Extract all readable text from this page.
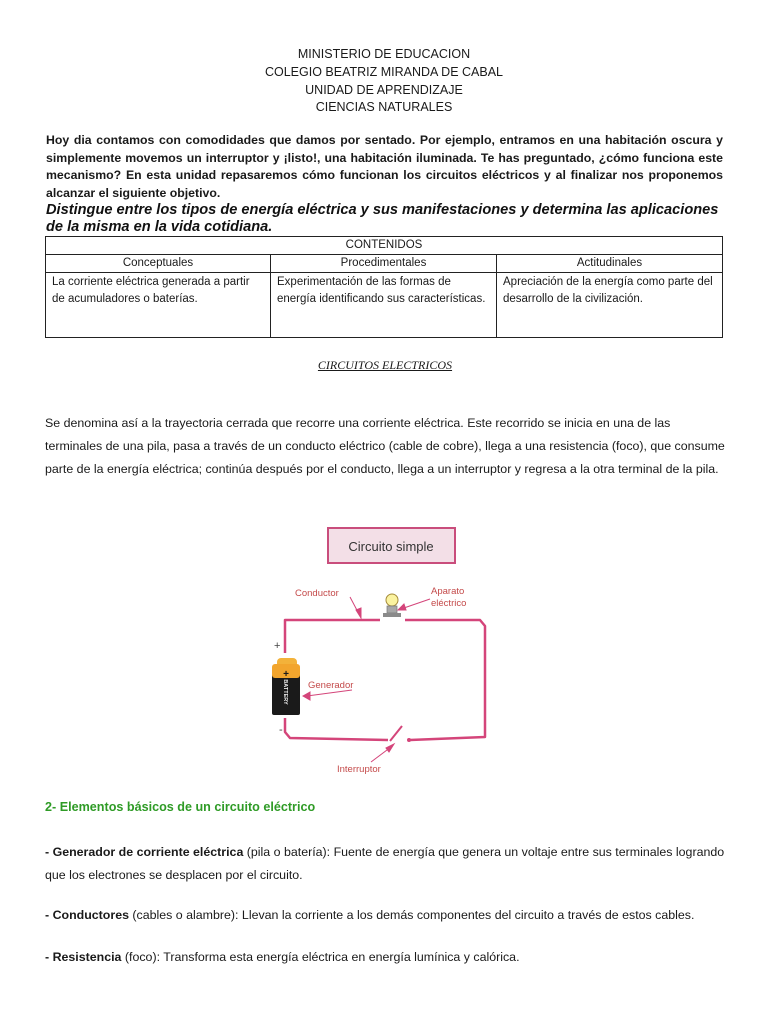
MINISTERIO DE EDUCACION
COLEGIO BEATRIZ MIRANDA DE CABAL
UNIDAD DE APRENDIZAJE
CIENCIAS NATURALES
Hoy dia contamos con comodidades que damos por sentado. Por ejemplo, entramos en una habitación oscura y simplemente movemos un interruptor y ¡listo!, una habitación iluminada. Te has preguntado, ¿cómo funciona este mecanismo? En esta unidad repasaremos cómo funcionan los circuitos eléctricos y al finalizar nos proponemos alcanzar el siguiente objetivo.
Distingue entre los tipos de energía eléctrica y sus manifestaciones y determina las aplicaciones de la misma en la vida cotidiana.
CONTENIDOS		
Conceptuales	Procedimentales	Actitudinales
La corriente eléctrica generada a partir de acumuladores o baterías.	Experimentación de las formas de energía identificando sus características.	Apreciación de la energía como parte del desarrollo de la civilización.
CIRCUITOS ELECTRICOS
Se denomina así a la trayectoria cerrada que recorre una corriente eléctrica. Este recorrido se inicia en una de las terminales de una pila, pasa a través de un conducto eléctrico (cable de cobre), llega a una resistencia (foco), que consume parte de la energía eléctrica; continúa después por el conducto, llega a un interruptor y regresa a la otra terminal de la pila.
Circuito simple
+
BATTERY
Conductor	Aparato
eléctrico
Generador
Interruptor
+
-
2- Elementos básicos de un circuito eléctrico
- Generador de corriente eléctrica (pila o batería): Fuente de energía que genera un voltaje entre sus terminales logrando que los electrones se desplacen por el circuito.
- Conductores (cables o alambre): Llevan la corriente a los demás componentes del circuito a través de estos cables.
- Resistencia (foco): Transforma esta energía eléctrica en energía lumínica y calórica.
